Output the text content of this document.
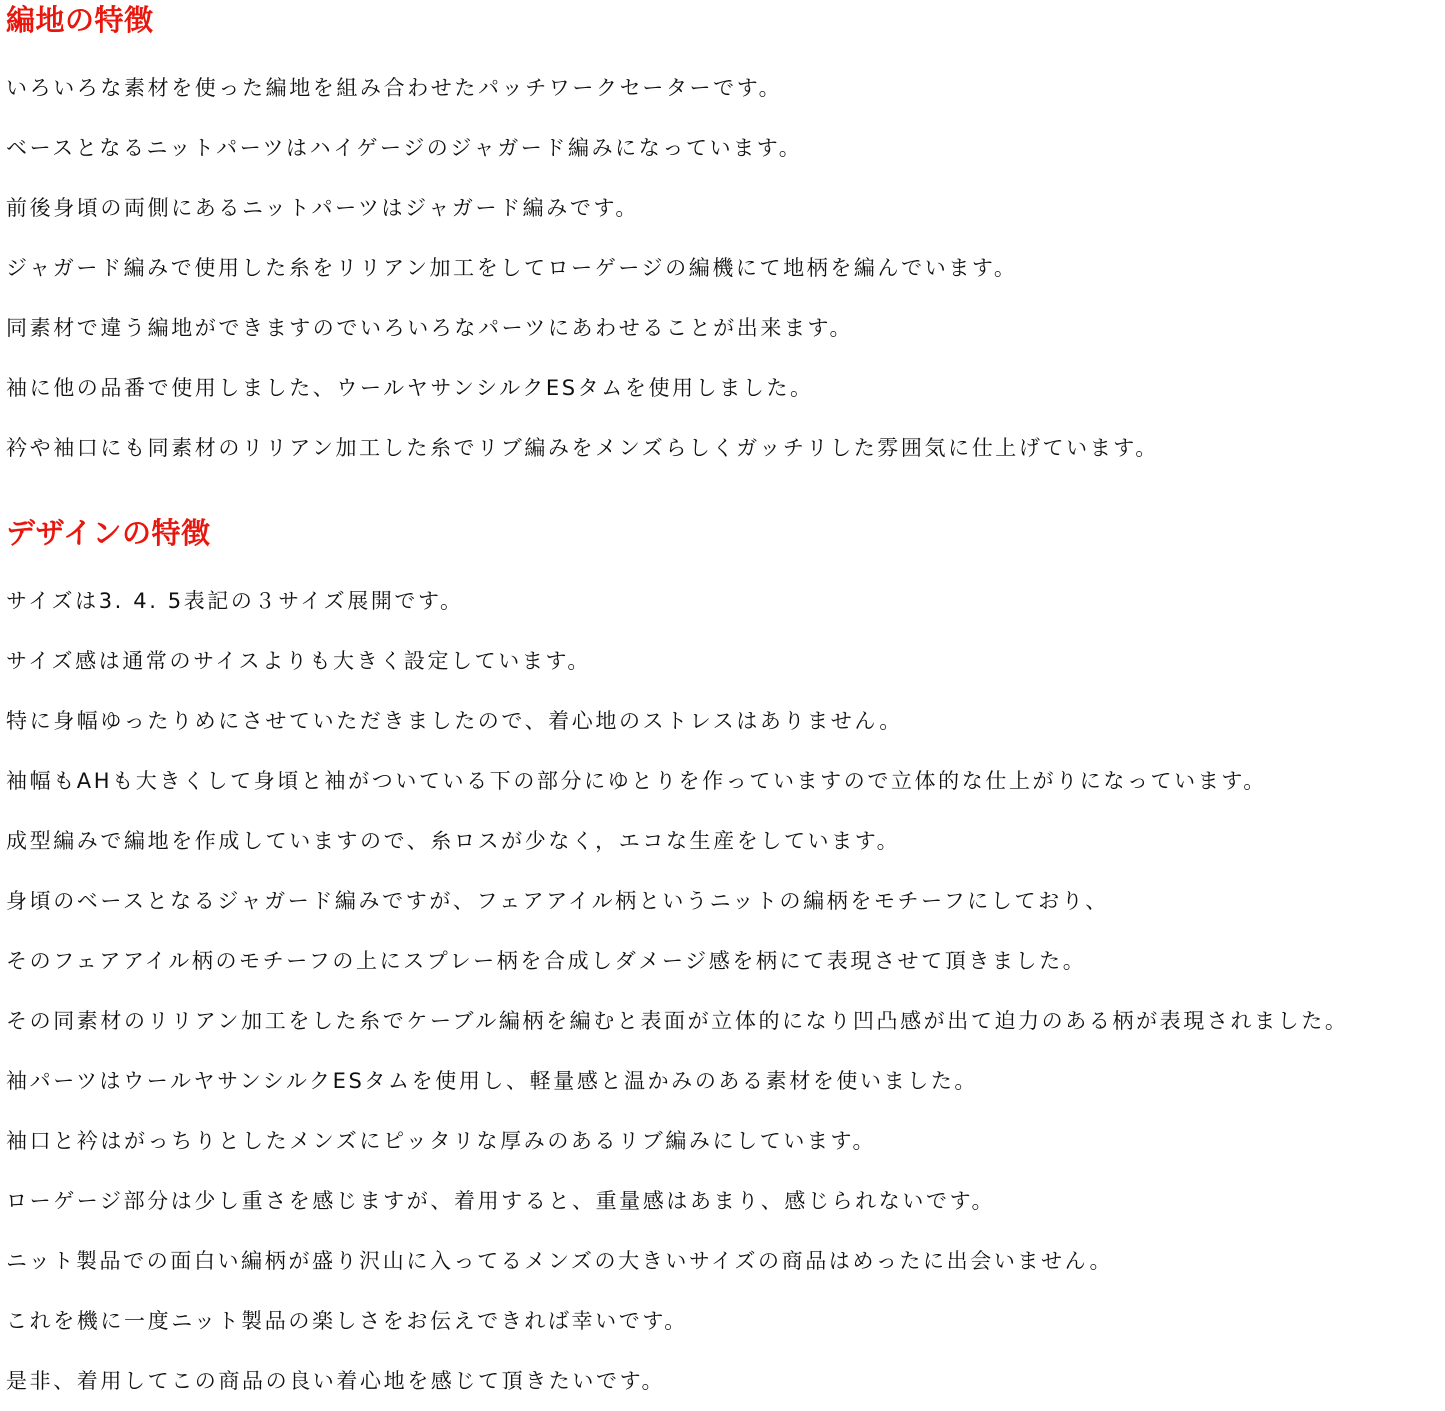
編地の特徴
いろいろな素材を使った編地を組み合わせたパッチワークセーターです。
ベースとなるニットパーツはハイゲージのジャガード編みになっています。
前後身頃の両側にあるニットパーツはジャガード編みです。
ジャガード編みで使用した糸をリリアン加工をしてローゲージの編機にて地柄を編んでいます。
同素材で違う編地ができますのでいろいろなパーツにあわせることが出来ます。
袖に他の品番で使用しました、ウールヤサンシルクESタムを使用しました。
衿や袖口にも同素材のリリアン加工した糸でリブ編みをメンズらしくガッチリした雰囲気に仕上げています。
デザインの特徴
サイズは3. 4. 5表記の３サイズ展開です。
サイズ感は通常のサイスよりも大きく設定しています。
特に身幅ゆったりめにさせていただきましたので、着心地のストレスはありません。
袖幅もAHも大きくして身頃と袖がついている下の部分にゆとりを作っていますので立体的な仕上がりになっています。
成型編みで編地を作成していますので、糸ロスが少なく，エコな生産をしています。
身頃のベースとなるジャガード編みですが、フェアアイル柄というニットの編柄をモチーフにしており、
そのフェアアイル柄のモチーフの上にスプレー柄を合成しダメージ感を柄にて表現させて頂きました。
その同素材のリリアン加工をした糸でケーブル編柄を編むと表面が立体的になり凹凸感が出て迫力のある柄が表現されました。
袖パーツはウールヤサンシルクESタムを使用し、軽量感と温かみのある素材を使いました。
袖口と衿はがっちりとしたメンズにピッタリな厚みのあるリブ編みにしています。
ローゲージ部分は少し重さを感じますが、着用すると、重量感はあまり、感じられないです。
ニット製品での面白い編柄が盛り沢山に入ってるメンズの大きいサイズの商品はめったに出会いません。
これを機に一度ニット製品の楽しさをお伝えできれば幸いです。
是非、着用してこの商品の良い着心地を感じて頂きたいです。
